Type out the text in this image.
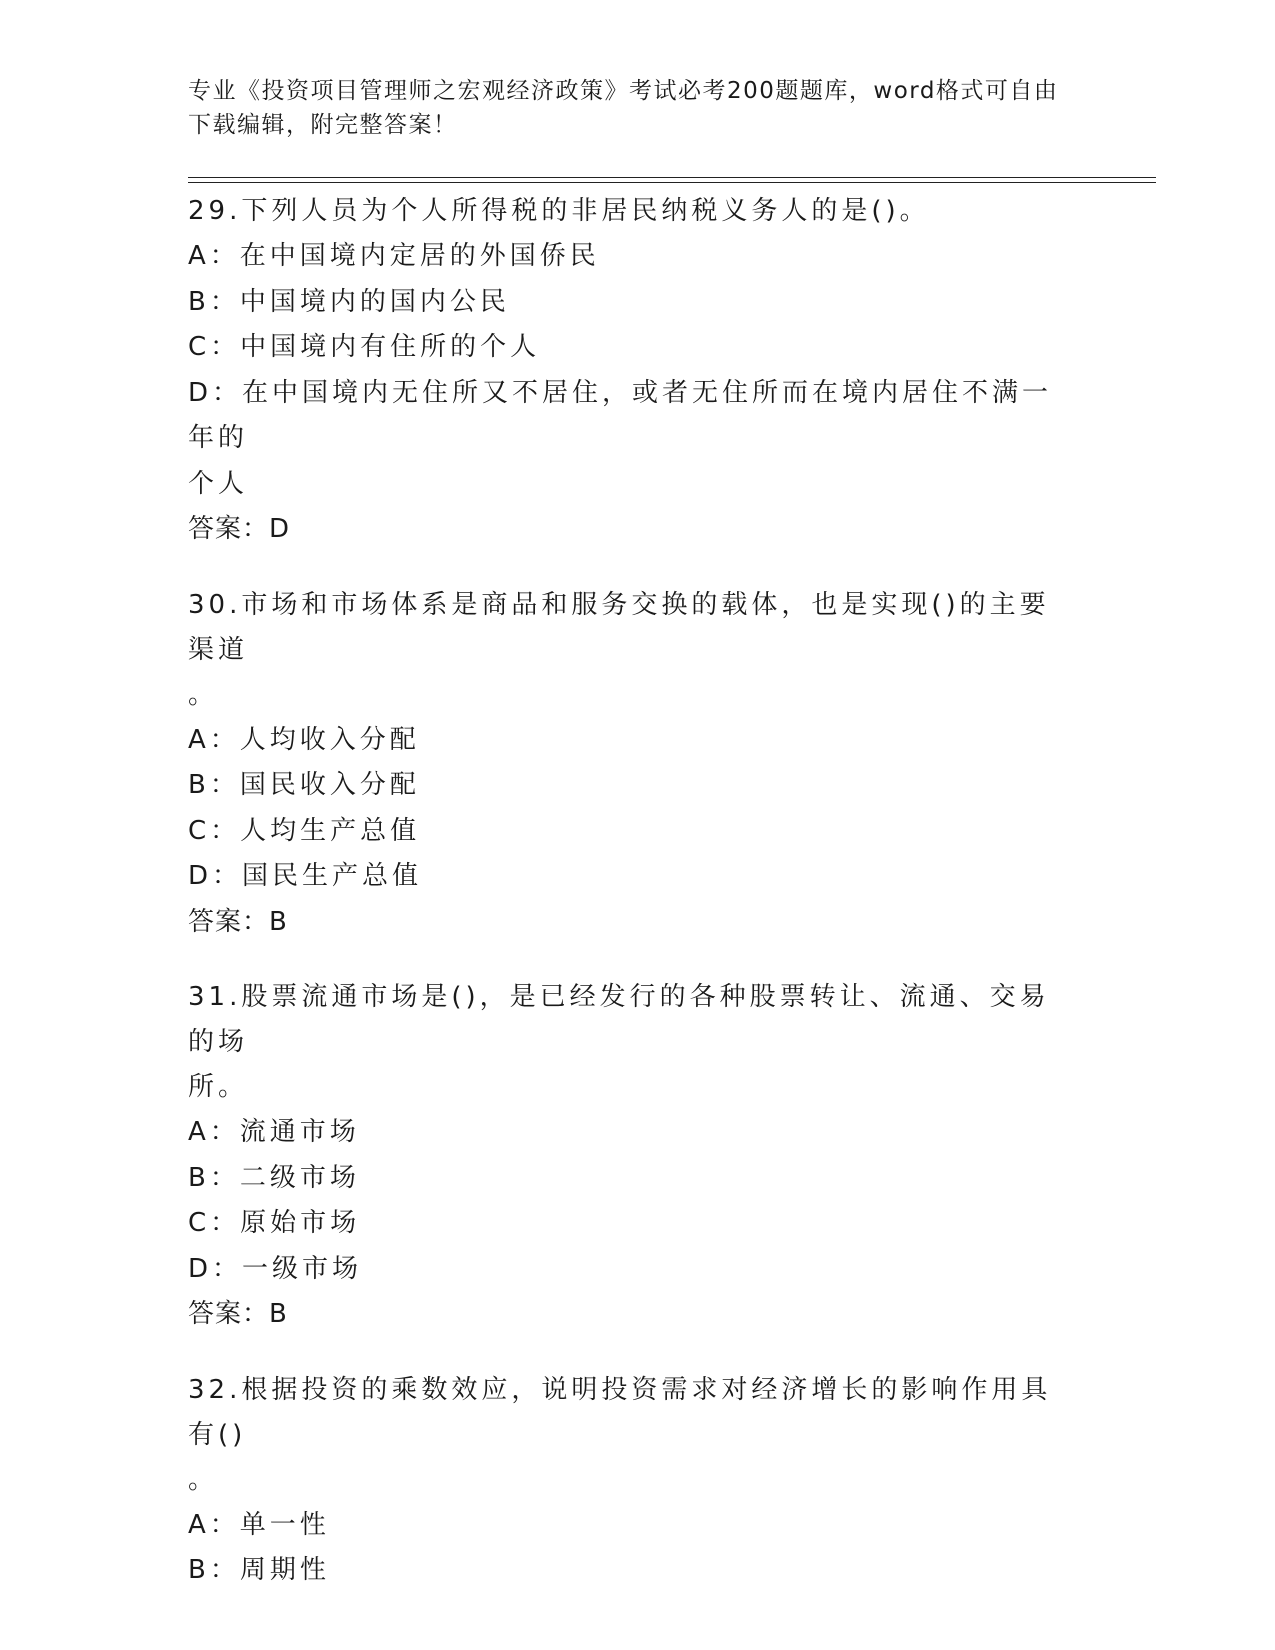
专业《投资项目管理师之宏观经济政策》考试必考200题题库，word格式可自由
下载编辑，附完整答案！

29.下列人员为个人所得税的非居民纳税义务人的是()。

A：在中国境内定居的外国侨民

B：中国境内的国内公民

C：中国境内有住所的个人

D：在中国境内无住所又不居住，或者无住所而在境内居住不满一年的

个人

答案：D

30.市场和市场体系是商品和服务交换的载体，也是实现()的主要渠道

。

A：人均收入分配

B：国民收入分配

C：人均生产总值

D：国民生产总值

答案：B

31.股票流通市场是()，是已经发行的各种股票转让、流通、交易的场

所。

A：流通市场

B：二级市场

C：原始市场

D：一级市场

答案：B

32.根据投资的乘数效应，说明投资需求对经济增长的影响作用具有()

。

A：单一性

B：周期性
